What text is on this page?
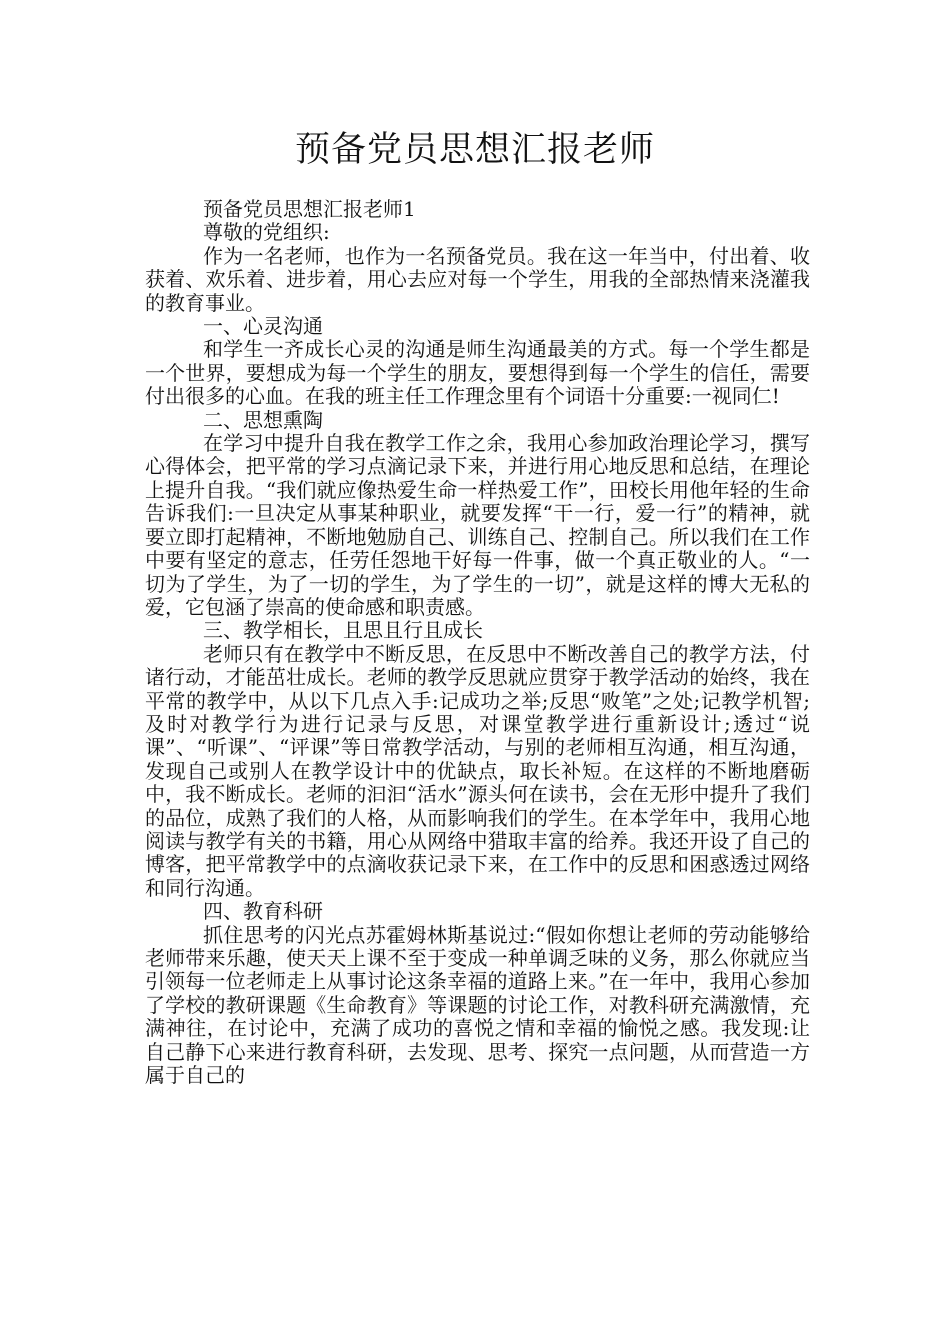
预备党员思想汇报老师

预备党员思想汇报老师1

尊敬的党组织:

作为一名老师，也作为一名预备党员。我在这一年当中，付出着、收获着、欢乐着、进步着，用心去应对每一个学生，用我的全部热情来浇灌我的教育事业。

一、心灵沟通

和学生一齐成长心灵的沟通是师生沟通最美的方式。每一个学生都是一个世界，要想成为每一个学生的朋友，要想得到每一个学生的信任，需要付出很多的心血。在我的班主任工作理念里有个词语十分重要:一视同仁!

二、思想熏陶

在学习中提升自我在教学工作之余，我用心参加政治理论学习，撰写心得体会，把平常的学习点滴记录下来，并进行用心地反思和总结，在理论上提升自我。“我们就应像热爱生命一样热爱工作”，田校长用他年轻的生命告诉我们:一旦决定从事某种职业，就要发挥“干一行，爱一行”的精神，就要立即打起精神，不断地勉励自己、训练自己、控制自己。所以我们在工作中要有坚定的意志，任劳任怨地干好每一件事，做一个真正敬业的人。“一切为了学生，为了一切的学生，为了学生的一切”，就是这样的博大无私的爱，它包涵了崇高的使命感和职责感。

三、教学相长，且思且行且成长

老师只有在教学中不断反思，在反思中不断改善自己的教学方法，付诸行动，才能茁壮成长。老师的教学反思就应贯穿于教学活动的始终，我在平常的教学中，从以下几点入手:记成功之举;反思“败笔”之处;记教学机智;及时对教学行为进行记录与反思，对课堂教学进行重新设计;透过“说课”、“听课”、“评课”等日常教学活动，与别的老师相互沟通，相互沟通，发现自己或别人在教学设计中的优缺点，取长补短。在这样的不断地磨砺中，我不断成长。老师的汩汩“活水”源头何在读书，会在无形中提升了我们的品位，成熟了我们的人格，从而影响我们的学生。在本学年中，我用心地阅读与教学有关的书籍，用心从网络中猎取丰富的给养。我还开设了自己的博客，把平常教学中的点滴收获记录下来，在工作中的反思和困惑透过网络和同行沟通。

四、教育科研

抓住思考的闪光点苏霍姆林斯基说过:“假如你想让老师的劳动能够给老师带来乐趣，使天天上课不至于变成一种单调乏味的义务，那么你就应当引领每一位老师走上从事讨论这条幸福的道路上来。”在一年中，我用心参加了学校的教研课题《生命教育》等课题的讨论工作，对教科研充满激情，充满神往，在讨论中，充满了成功的喜悦之情和幸福的愉悦之感。我发现:让自己静下心来进行教育科研，去发现、思考、探究一点问题，从而营造一方属于自己的
